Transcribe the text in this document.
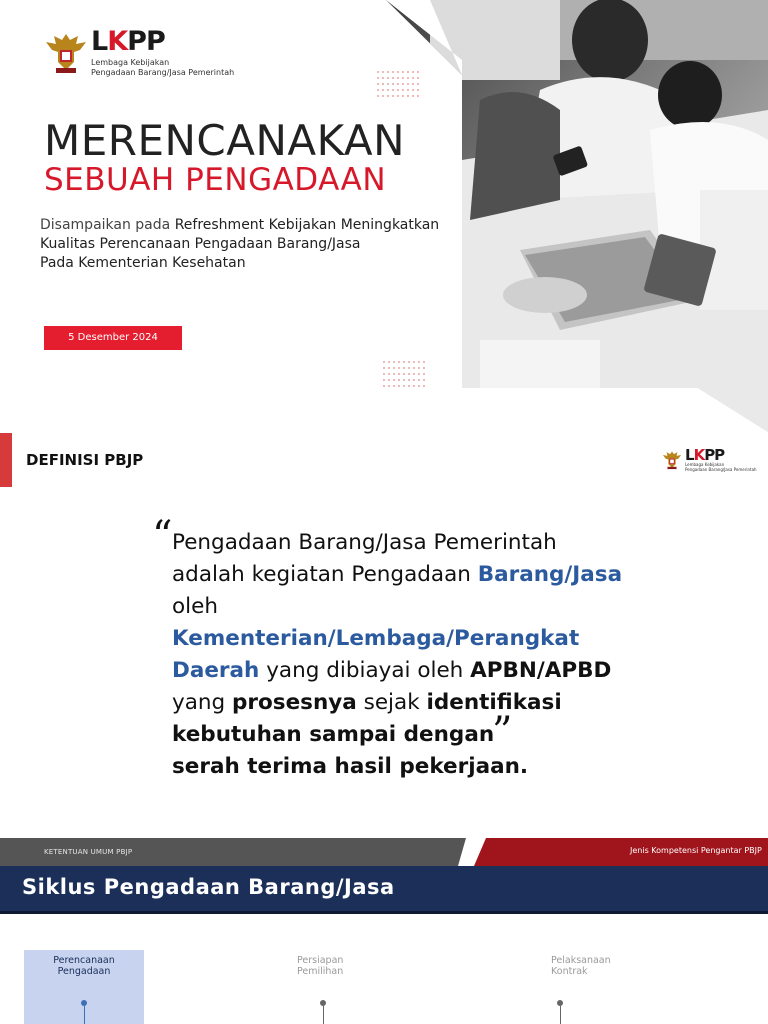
LKPP
Lembaga Kebijakan
Pengadaan Barang/Jasa Pemerintah
MERENCANAKAN
SEBUAH PENGADAAN
Disampaikan pada Refreshment Kebijakan Meningkatkan
Kualitas Perencanaan Pengadaan Barang/Jasa
Pada Kementerian Kesehatan
5 Desember 2024
DEFINISI PBJP	LKPP
Lembaga Kebijakan
Pengadaan Barang/Jasa Pemerintah
“ Pengadaan Barang/Jasa Pemerintah
adalah kegiatan Pengadaan Barang/Jasa
oleh Kementerian/Lembaga/Perangkat
Daerah yang dibiayai oleh APBN/APBD
yang prosesnya sejak identifikasi
kebutuhan sampai dengan
serah terima hasil pekerjaan.
”
KETENTUAN UMUM PBJP	Jenis Kompetensi Pengantar PBJP
Siklus Pengadaan Barang/Jasa
Perencanaan
Pengadaan
Persiapan
Pemilihan
Pelaksanaan
Kontrak
